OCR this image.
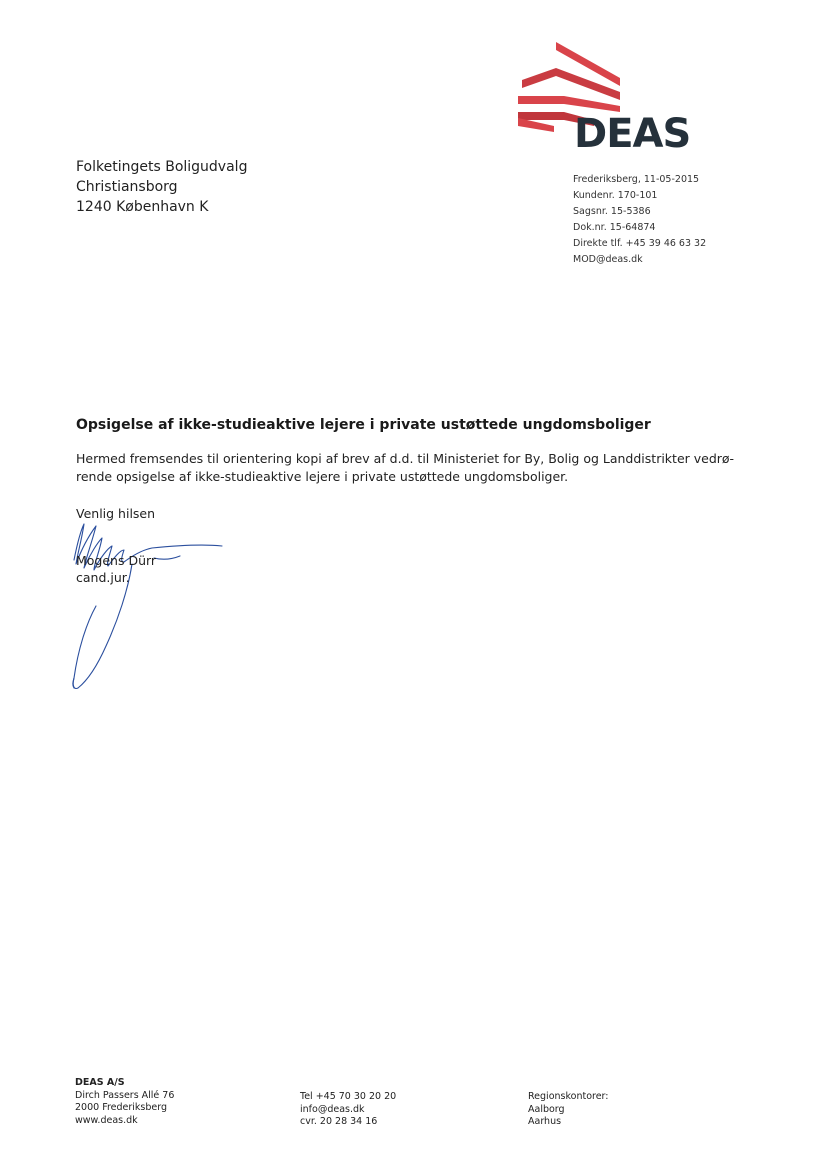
DEAS
Folketingets Boligudvalg
Christiansborg
1240 København K
Frederiksberg, 11-05-2015
Kundenr. 170-101
Sagsnr. 15-5386
Dok.nr. 15-64874
Direkte tlf. +45 39 46 63 32
MOD@deas.dk
Opsigelse af ikke-studieaktive lejere i private ustøttede ungdomsboliger
Hermed fremsendes til orientering kopi af brev af d.d. til Ministeriet for By, Bolig og Landdistrikter vedrø-
rende opsigelse af ikke-studieaktive lejere i private ustøttede ungdomsboliger.
Venlig hilsen
Mogens Dürr
cand.jur.
DEAS A/S
Dirch Passers Allé 76
2000 Frederiksberg
www.deas.dk
Tel +45 70 30 20 20
info@deas.dk
cvr. 20 28 34 16
Regionskontorer:
Aalborg
Aarhus
